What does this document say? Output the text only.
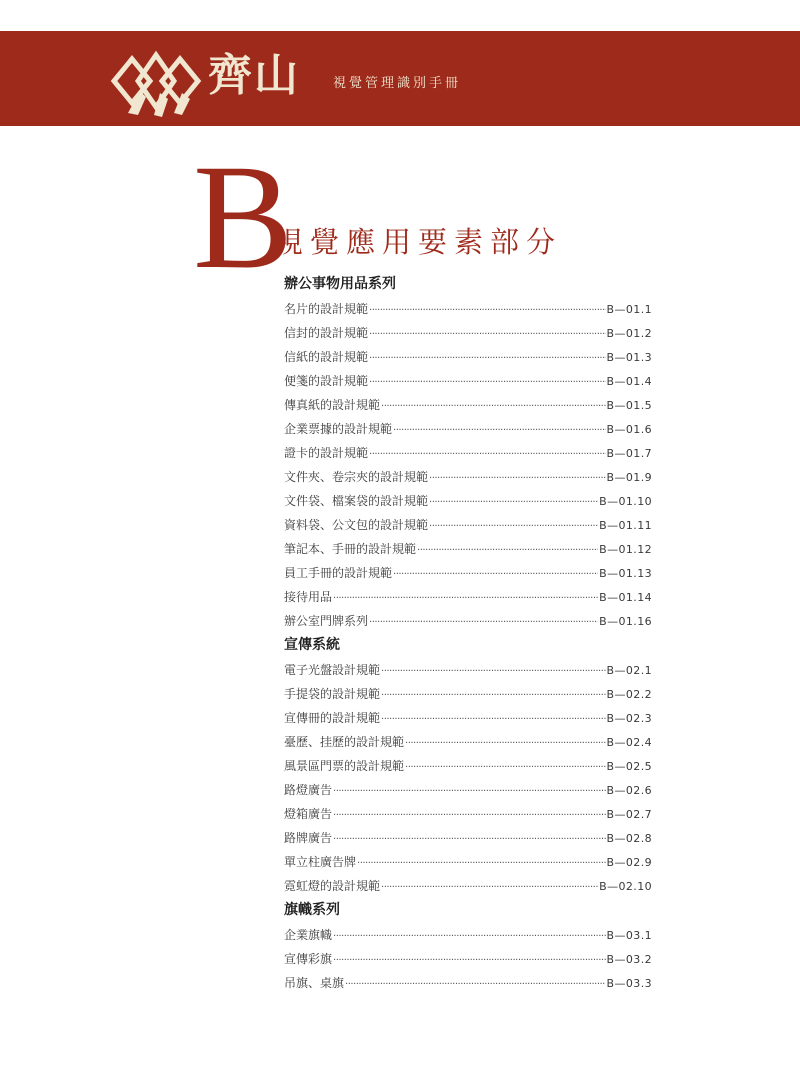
齊山	視覺管理識別手冊
B
視覺應用要素部分
辦公事物用品系列
名片的設計規範 ·····	B—01.1
信封的設計規範 ·····	B—01.2
信紙的設計規範 ·····	B—01.3
便箋的設計規範 ·····	B—01.4
傳真紙的設計規範 ·····	B—01.5
企業票據的設計規範 ·····	B—01.6
證卡的設計規範 ·····	B—01.7
文件夾、卷宗夾的設計規範 ·····	B—01.9
文件袋、檔案袋的設計規範 ·····	B—01.10
資料袋、公文包的設計規範 ·····	B—01.11
筆記本、手冊的設計規範 ·····	B—01.12
員工手冊的設計規範 ·····	B—01.13
接待用品 ·····	B—01.14
辦公室門牌系列 ·····	B—01.16
宣傳系統
電子光盤設計規範 ·····	B—02.1
手提袋的設計規範 ·····	B—02.2
宣傳冊的設計規範 ·····	B—02.3
臺歷、挂歷的設計規範 ·····	B—02.4
風景區門票的設計規範 ·····	B—02.5
路燈廣告 ·····	B—02.6
燈箱廣告 ·····	B—02.7
路牌廣告 ·····	B—02.8
單立柱廣告牌 ·····	B—02.9
霓虹燈的設計規範 ·····	B—02.10
旗幟系列
企業旗幟 ·····	B—03.1
宣傳彩旗 ·····	B—03.2
吊旗、桌旗 ·····	B—03.3
